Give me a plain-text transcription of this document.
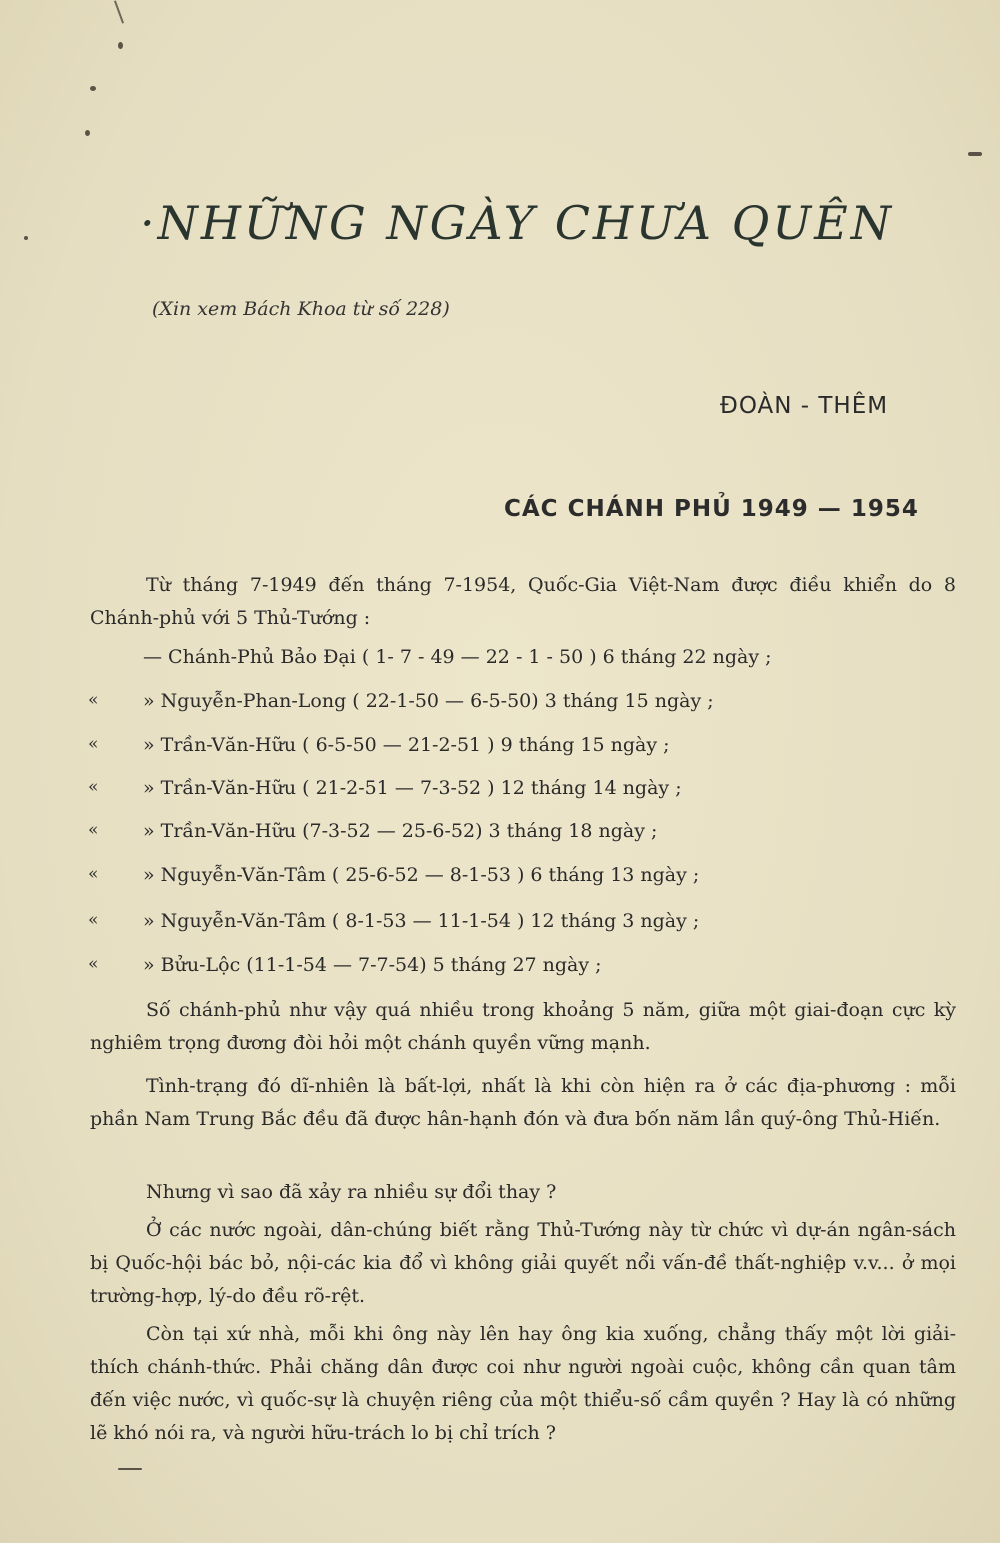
·NHỮNG NGÀY CHƯA QUÊN
(Xin xem Bách Khoa từ số 228)
ĐOÀN - THÊM
CÁC CHÁNH PHỦ 1949 — 1954
Từ tháng 7-1949 đến tháng 7-1954, Quốc-Gia Việt-Nam được điều khiển do 8 Chánh-phủ với 5 Thủ-Tướng :
— Chánh-Phủ Bảo Đại ( 1- 7 - 49 — 22 - 1 - 50 ) 6 tháng 22 ngày ;
«	» Nguyễn-Phan-Long ( 22-1-50 — 6-5-50) 3 tháng 15 ngày ;
«	» Trần-Văn-Hữu ( 6-5-50 — 21-2-51 ) 9 tháng 15 ngày ;
«	» Trần-Văn-Hữu ( 21-2-51 — 7-3-52 ) 12 tháng 14 ngày ;
«	» Trần-Văn-Hữu (7-3-52 — 25-6-52) 3 tháng 18 ngày ;
«	» Nguyễn-Văn-Tâm ( 25-6-52 — 8-1-53 ) 6 tháng 13 ngày ;
«	» Nguyễn-Văn-Tâm ( 8-1-53 — 11-1-54 ) 12 tháng 3 ngày ;
«	» Bửu-Lộc (11-1-54 — 7-7-54) 5 tháng 27 ngày ;
Số chánh-phủ như vậy quá nhiều trong khoảng 5 năm, giữa một giai-đoạn cực kỳ nghiêm trọng đương đòi hỏi một chánh quyền vững mạnh.
Tình-trạng đó dĩ-nhiên là bất-lợi, nhất là khi còn hiện ra ở các địa-phương : mỗi phần Nam Trung Bắc đều đã được hân-hạnh đón và đưa bốn năm lần quý-ông Thủ-Hiến.
Nhưng vì sao đã xảy ra nhiều sự đổi thay ?
Ở các nước ngoài, dân-chúng biết rằng Thủ-Tướng này từ chức vì dự-án ngân-sách bị Quốc-hội bác bỏ, nội-các kia đổ vì không giải quyết nổi vấn-đề thất-nghiệp v.v... ở mọi trường-hợp, lý-do đều rõ-rệt.
Còn tại xứ nhà, mỗi khi ông này lên hay ông kia xuống, chẳng thấy một lời giải-thích chánh-thức. Phải chăng dân được coi như người ngoài cuộc, không cần quan tâm đến việc nước, vì quốc-sự là chuyện riêng của một thiểu-số cầm quyền ? Hay là có những lẽ khó nói ra, và người hữu-trách lo bị chỉ trích ?
